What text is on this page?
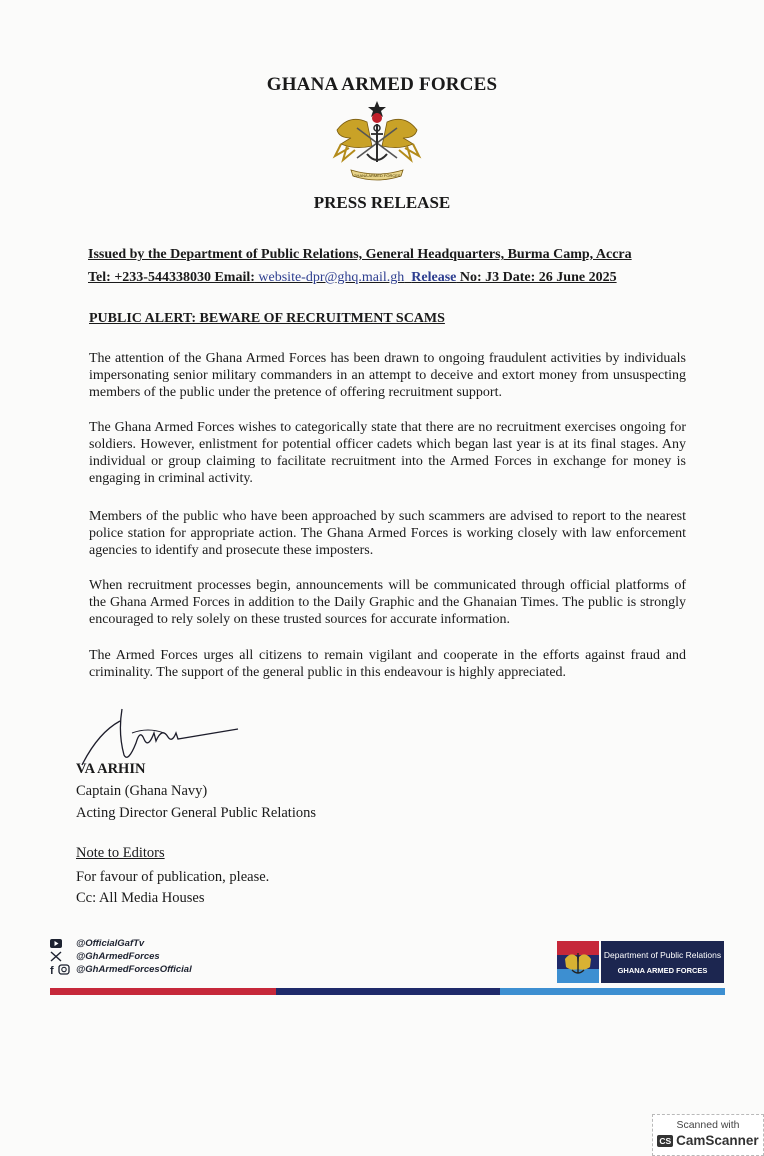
GHANA ARMED FORCES
GHANA ARMED FORCES
PRESS RELEASE
Issued by the Department of Public Relations, General Headquarters, Burma Camp, Accra
Tel: +233-544338030 Email: website-dpr@ghq.mail.gh Release No: J3 Date: 26 June 2025
PUBLIC ALERT: BEWARE OF RECRUITMENT SCAMS
The attention of the Ghana Armed Forces has been drawn to ongoing fraudulent activities by individuals impersonating senior military commanders in an attempt to deceive and extort money from unsuspecting members of the public under the pretence of offering recruitment support.
The Ghana Armed Forces wishes to categorically state that there are no recruitment exercises ongoing for soldiers. However, enlistment for potential officer cadets which began last year is at its final stages. Any individual or group claiming to facilitate recruitment into the Armed Forces in exchange for money is engaging in criminal activity.
Members of the public who have been approached by such scammers are advised to report to the nearest police station for appropriate action. The Ghana Armed Forces is working closely with law enforcement agencies to identify and prosecute these imposters.
When recruitment processes begin, announcements will be communicated through official platforms of the Ghana Armed Forces in addition to the Daily Graphic and the Ghanaian Times. The public is strongly encouraged to rely solely on these trusted sources for accurate information.
The Armed Forces urges all citizens to remain vigilant and cooperate in the efforts against fraud and criminality. The support of the general public in this endeavour is highly appreciated.
VA ARHIN
Captain (Ghana Navy)
Acting Director General Public Relations
Note to Editors
For favour of publication, please.
Cc: All Media Houses
@OfficialGafTv
@GhArmedForces
f @GhArmedForcesOfficial
Department of Public Relations
GHANA ARMED FORCES
Scanned with
CS CamScanner
